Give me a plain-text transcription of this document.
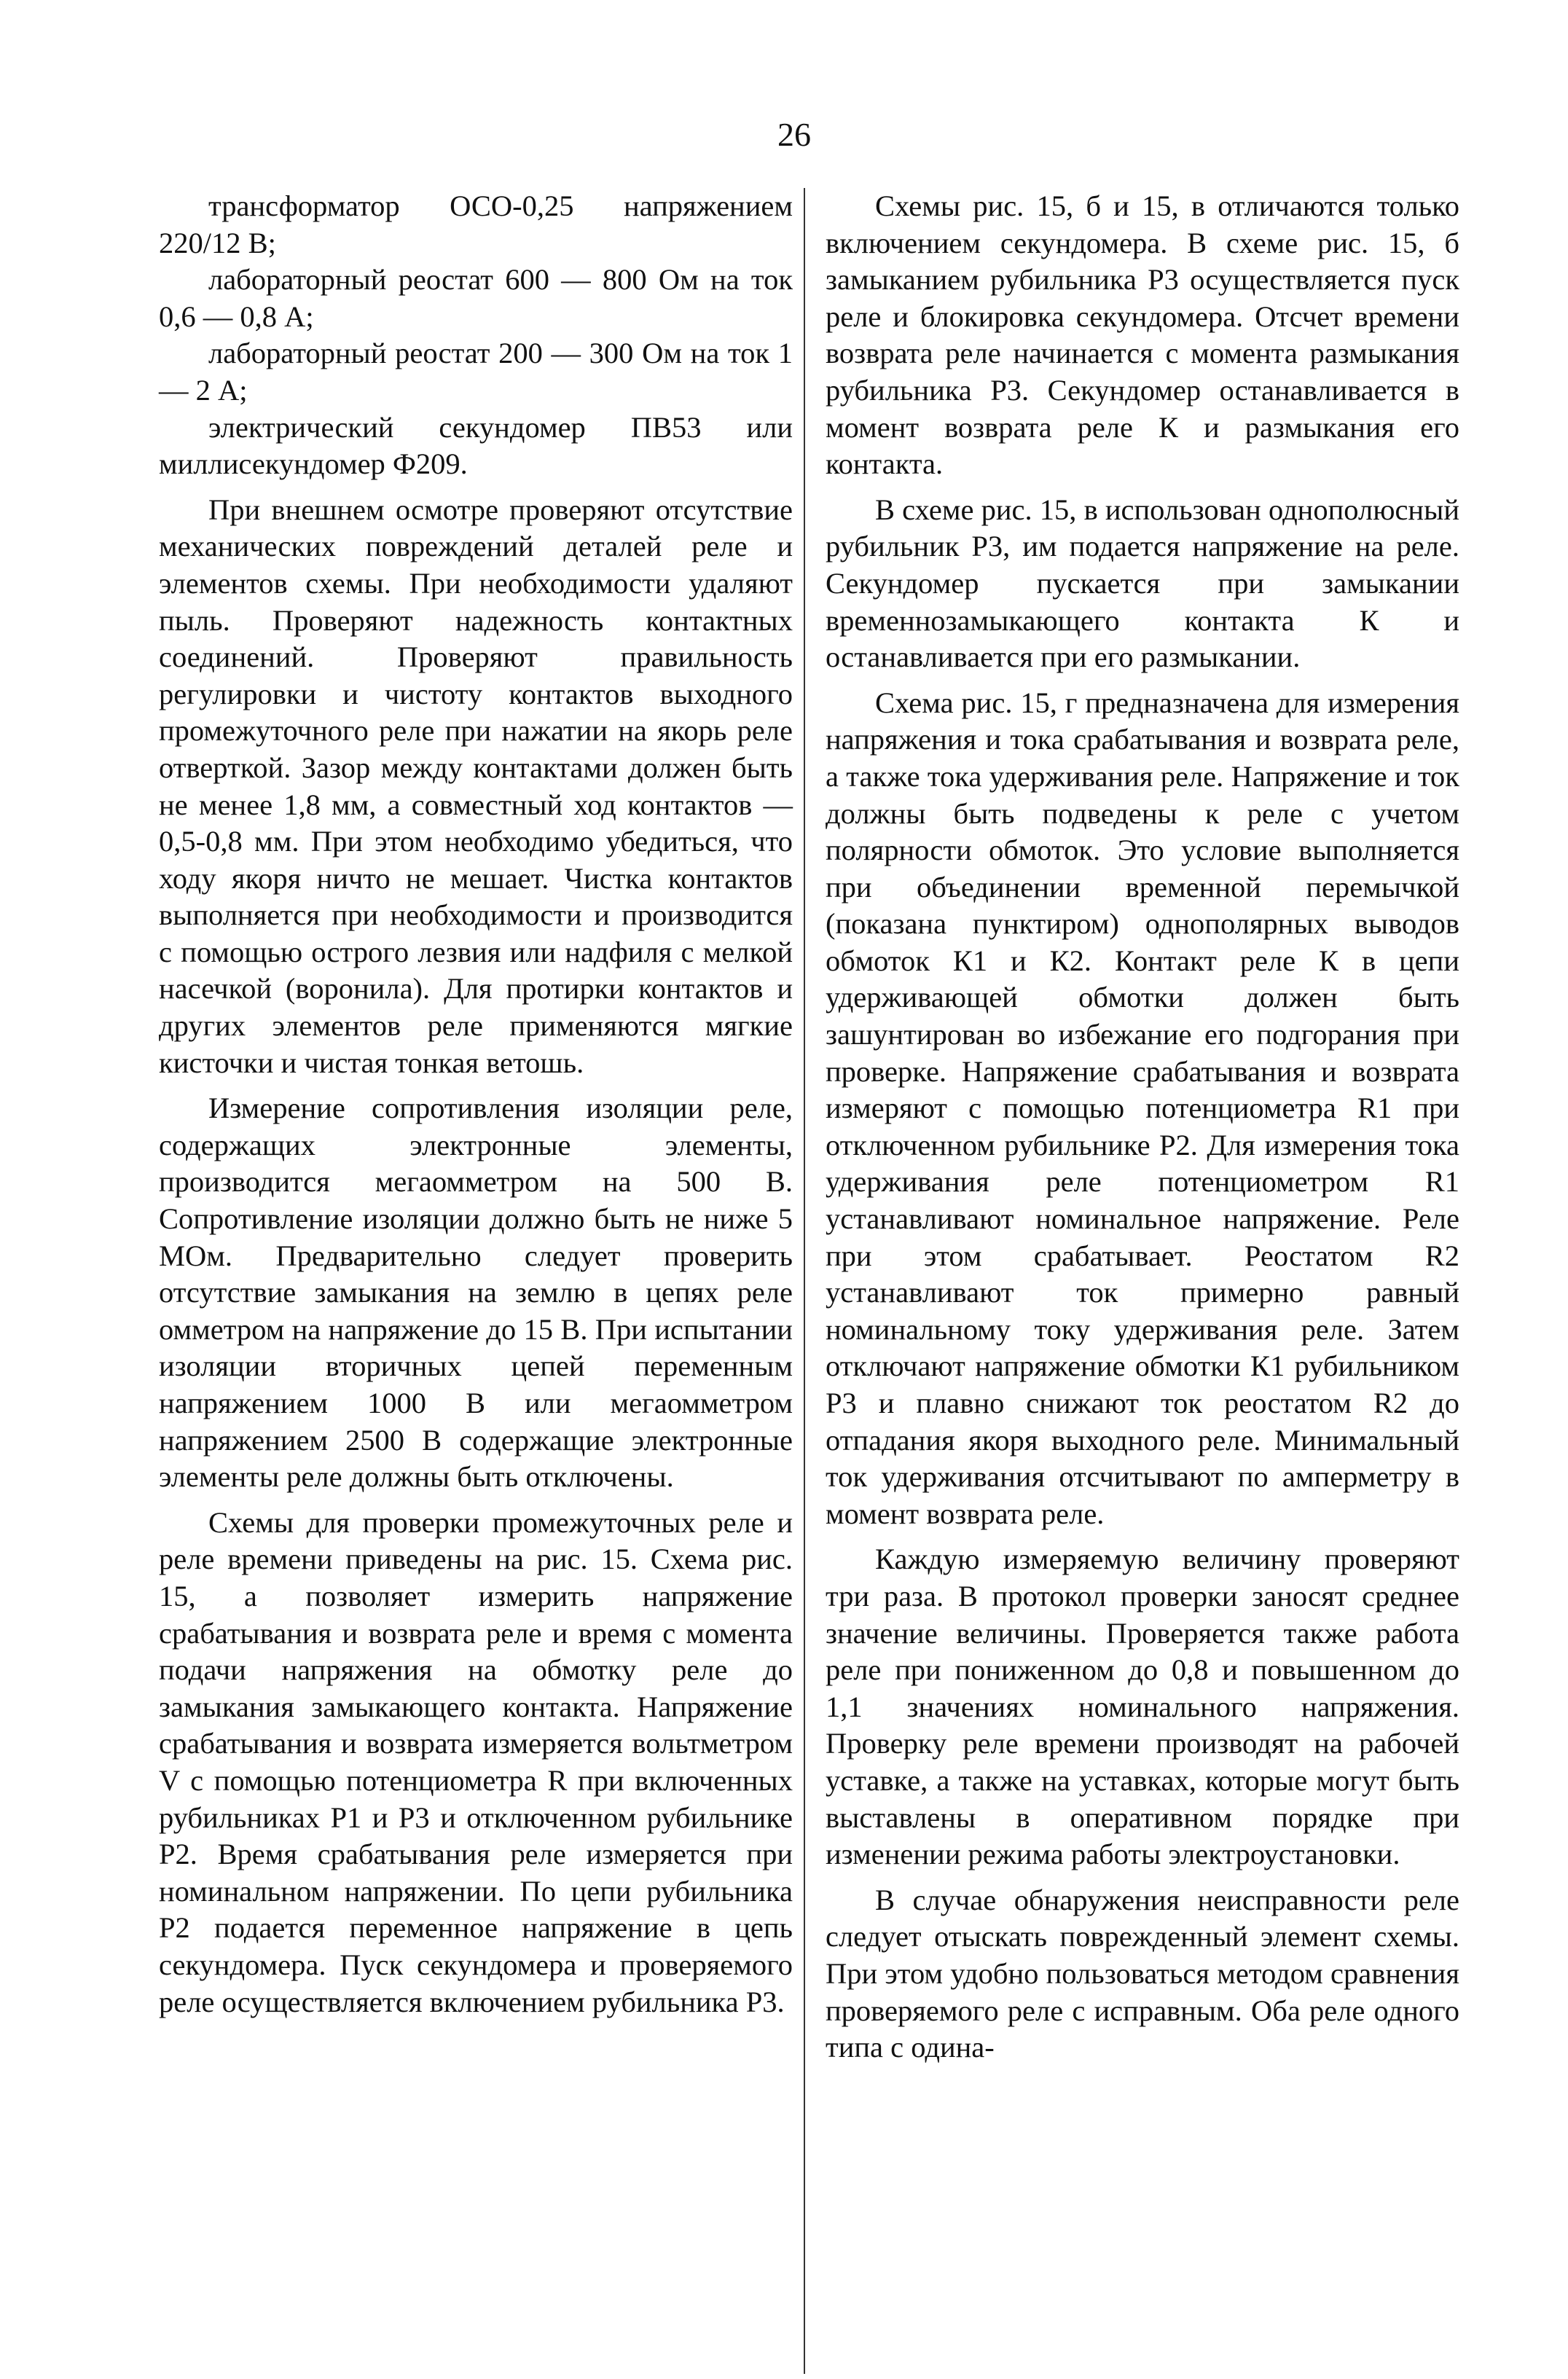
26

трансформатор ОСО-0,25 напряжением 220/12 В;

лабораторный реостат 600 — 800 Ом на ток 0,6 — 0,8 А;

лабораторный реостат 200 — 300 Ом на ток 1 — 2 А;

электрический секундомер ПВ53 или миллисекундомер Ф209.

При внешнем осмотре проверяют отсутствие механических повреждений деталей реле и элементов схемы. При необходимости удаляют пыль. Проверяют надежность контактных соединений. Проверяют правильность регулировки и чистоту контактов выходного промежуточного реле при нажатии на якорь реле отверткой. Зазор между контактами должен быть не менее 1,8 мм, а совместный ход контактов — 0,5-0,8 мм. При этом необходимо убедиться, что ходу якоря ничто не мешает. Чистка контактов выполняется при необходимости и производится с помощью острого лезвия или надфиля с мелкой насечкой (воронила). Для протирки контактов и других элементов реле применяются мягкие кисточки и чистая тонкая ветошь.

Измерение сопротивления изоляции реле, содержащих электронные элементы, производится мегаомметром на 500 В. Сопротивление изоляции должно быть не ниже 5 МОм. Предварительно следует проверить отсутствие замыкания на землю в цепях реле омметром на напряжение до 15 В. При испытании изоляции вторичных цепей переменным напряжением 1000 В или мегаомметром напряжением 2500 В содержащие электронные элементы реле должны быть отключены.

Схемы для проверки промежуточных реле и реле времени приведены на рис. 15. Схема рис. 15, а позволяет измерить напряжение срабатывания и возврата реле и время с момента подачи напряжения на обмотку реле до замыкания замыкающего контакта. Напряжение срабатывания и возврата измеряется вольтметром V с помощью потенциометра R при включенных рубильниках Р1 и Р3 и отключенном рубильнике Р2. Время срабатывания реле измеряется при номинальном напряжении. По цепи рубильника Р2 подается переменное напряжение в цепь секундомера. Пуск секундомера и проверяемого реле осуществляется включением рубильника Р3.

Схемы рис. 15, б и 15, в отличаются только включением секундомера. В схеме рис. 15, б замыканием рубильника Р3 осуществляется пуск реле и блокировка секундомера. Отсчет времени возврата реле начинается с момента размыкания рубильника Р3. Секундомер останавливается в момент возврата реле К и размыкания его контакта.

В схеме рис. 15, в использован однополюсный рубильник Р3, им подается напряжение на реле. Секундомер пускается при замыкании временнозамыкающего контакта К и останавливается при его размыкании.

Схема рис. 15, г предназначена для измерения напряжения и тока срабатывания и возврата реле, а также тока удерживания реле. Напряжение и ток должны быть подведены к реле с учетом полярности обмоток. Это условие выполняется при объединении временной перемычкой (показана пунктиром) однополярных выводов обмоток К1 и К2. Контакт реле К в цепи удерживающей обмотки должен быть зашунтирован во избежание его подгорания при проверке. Напряжение срабатывания и возврата измеряют с помощью потенциометра R1 при отключенном рубильнике Р2. Для измерения тока удерживания реле потенциометром R1 устанавливают номинальное напряжение. Реле при этом срабатывает. Реостатом R2 устанавливают ток примерно равный номинальному току удерживания реле. Затем отключают напряжение обмотки К1 рубильником Р3 и плавно снижают ток реостатом R2 до отпадания якоря выходного реле. Минимальный ток удерживания отсчитывают по амперметру в момент возврата реле.

Каждую измеряемую величину проверяют три раза. В протокол проверки заносят среднее значение величины. Проверяется также работа реле при пониженном до 0,8 и повышенном до 1,1 значениях номинального напряжения. Проверку реле времени производят на рабочей уставке, а также на уставках, которые могут быть выставлены в оперативном порядке при изменении режима работы электроустановки.

В случае обнаружения неисправности реле следует отыскать поврежденный элемент схемы. При этом удобно пользоваться методом сравнения проверяемого реле с исправным. Оба реле одного типа с одина-
